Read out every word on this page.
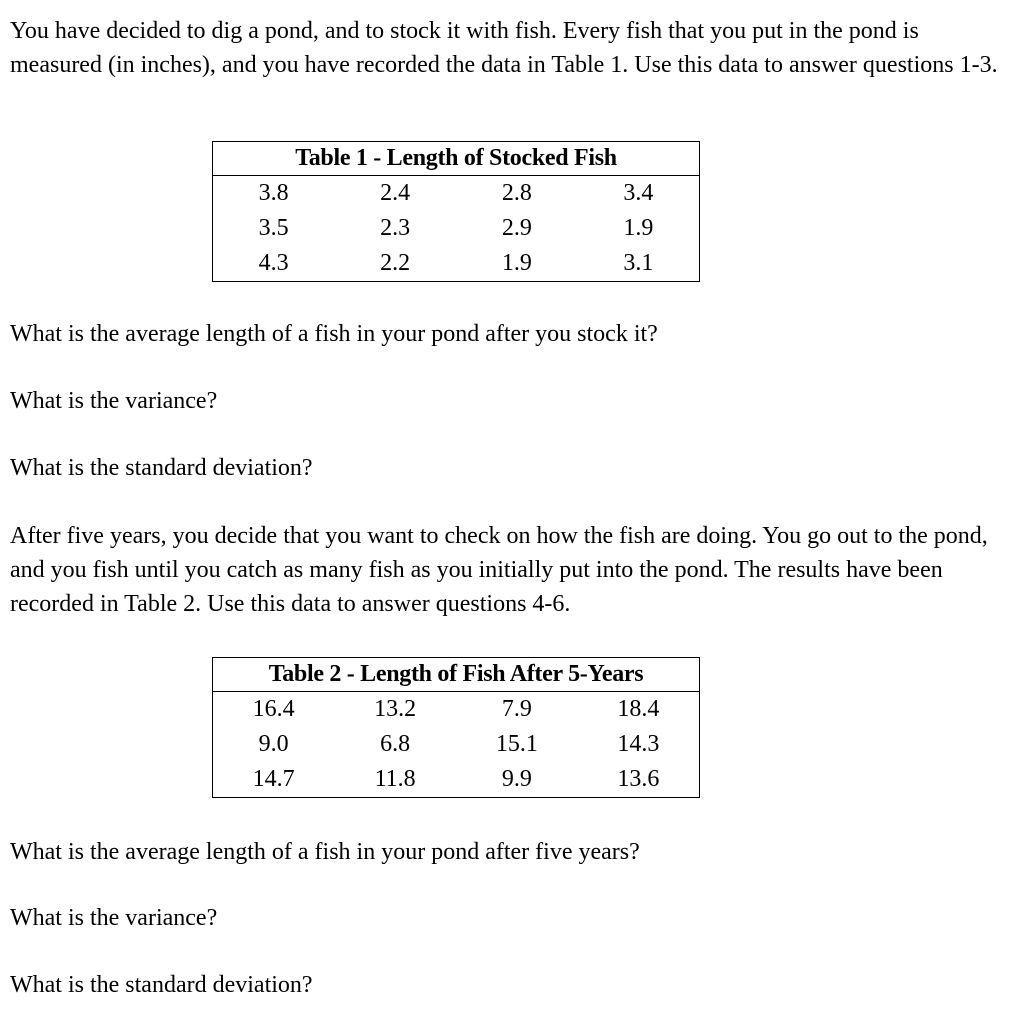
You have decided to dig a pond, and to stock it with fish. Every fish that you put in the pond is measured (in inches), and you have recorded the data in Table 1. Use this data to answer questions 1-3.

Table 1 - Length of Stocked Fish			
3.8	2.4	2.8	3.4
3.5	2.3	2.9	1.9
4.3	2.2	1.9	3.1

What is the average length of a fish in your pond after you stock it?

What is the variance?

What is the standard deviation?

After five years, you decide that you want to check on how the fish are doing. You go out to the pond, and you fish until you catch as many fish as you initially put into the pond. The results have been recorded in Table 2. Use this data to answer questions 4-6.

Table 2 - Length of Fish After 5-Years			
16.4	13.2	7.9	18.4
9.0	6.8	15.1	14.3
14.7	11.8	9.9	13.6

What is the average length of a fish in your pond after five years?

What is the variance?

What is the standard deviation?
